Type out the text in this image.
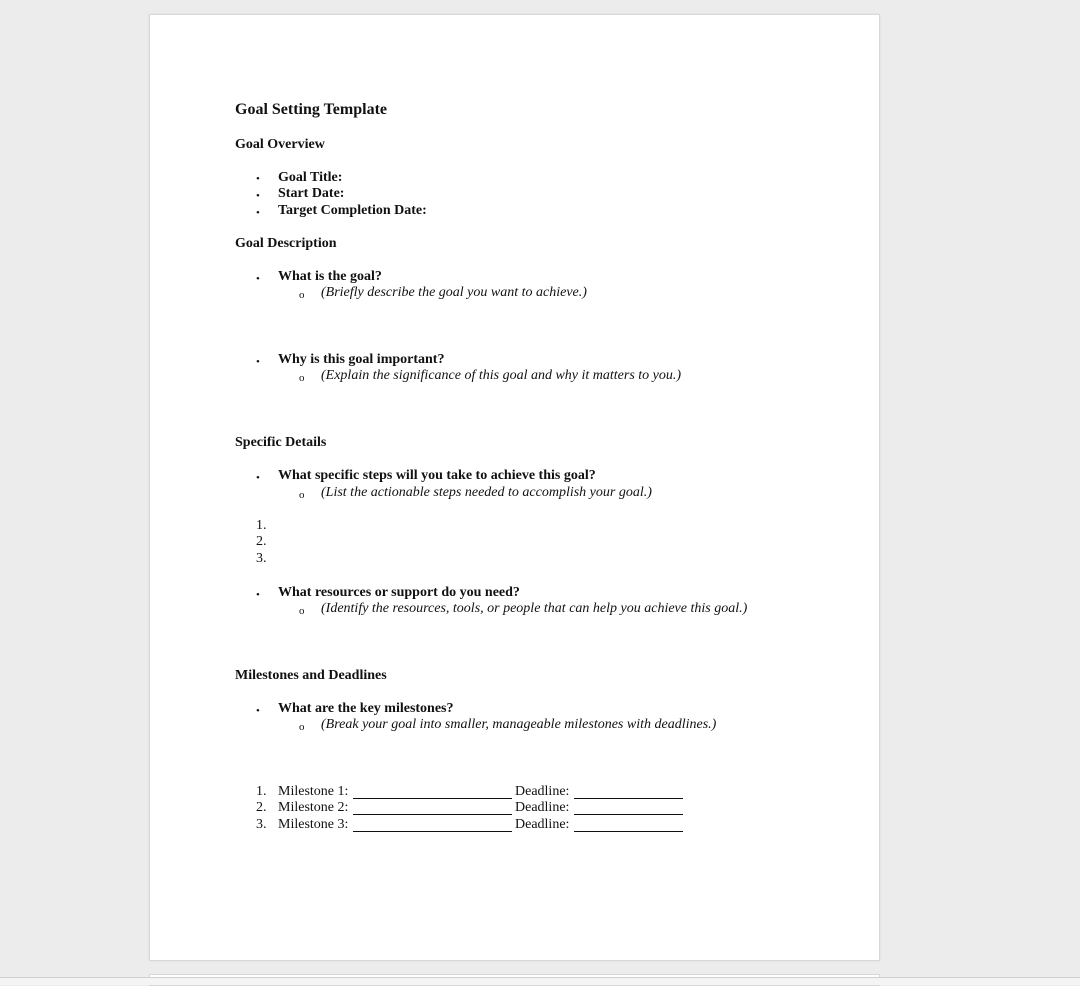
Goal Setting Template
Goal Overview
• Goal Title:
• Start Date:
• Target Completion Date:
Goal Description
• What is the goal?
o (Briefly describe the goal you want to achieve.)
• Why is this goal important?
o (Explain the significance of this goal and why it matters to you.)
Specific Details
• What specific steps will you take to achieve this goal?
o (List the actionable steps needed to accomplish your goal.)
1.
2.
3.
• What resources or support do you need?
o (Identify the resources, tools, or people that can help you achieve this goal.)
Milestones and Deadlines
• What are the key milestones?
o (Break your goal into smaller, manageable milestones with deadlines.)
1. Milestone 1:	Deadline:
2. Milestone 2:	Deadline:
3. Milestone 3:	Deadline:
